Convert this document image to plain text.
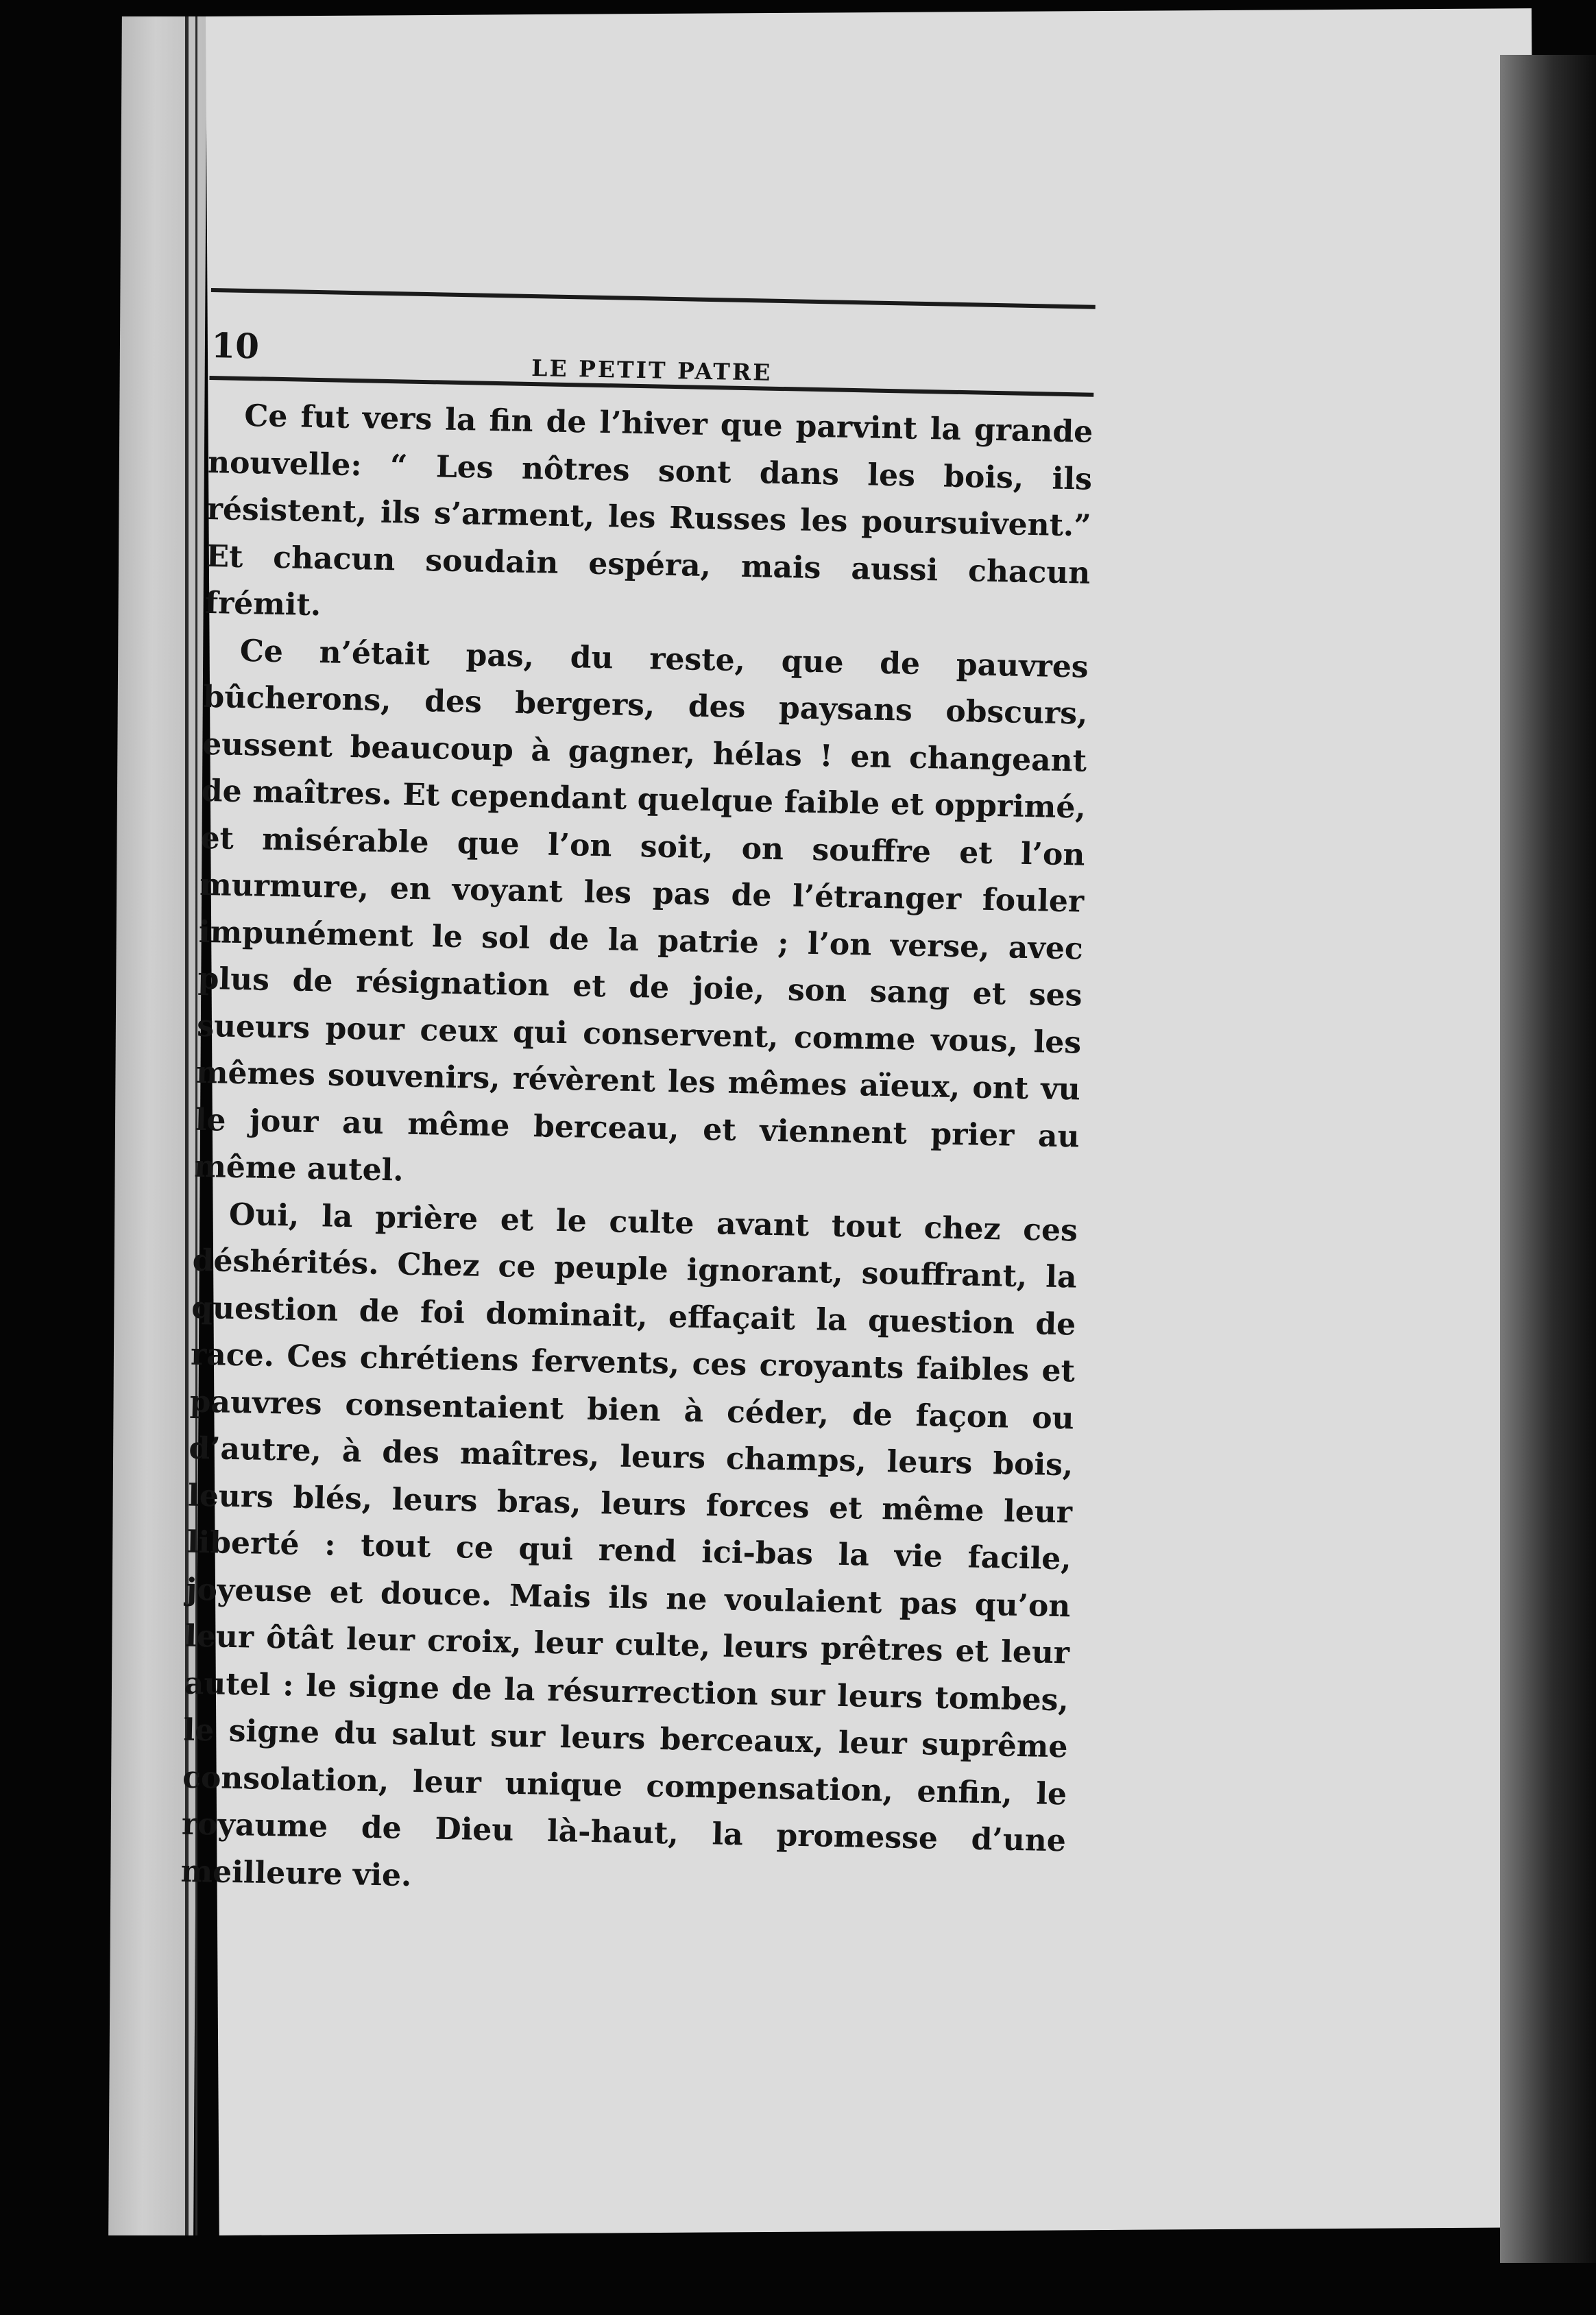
10
LE PETIT PATRE

Ce fut vers la fin de l’hiver que parvint la grande nouvelle: “ Les nôtres sont dans les bois, ils résistent, ils s’arment, les Russes les poursuivent.” Et chacun soudain espéra, mais aussi chacun frémit.

Ce n’était pas, du reste, que de pauvres bûcherons, des bergers, des paysans obscurs, eussent beaucoup à gagner, hélas ! en changeant de maîtres. Et cependant quelque faible et opprimé, et misérable que l’on soit, on souffre et l’on murmure, en voyant les pas de l’étranger fouler impunément le sol de la patrie ; l’on verse, avec plus de résignation et de joie, son sang et ses sueurs pour ceux qui conservent, comme vous, les mêmes souvenirs, révèrent les mêmes aïeux, ont vu le jour au même berceau, et viennent prier au même autel.

Oui, la prière et le culte avant tout chez ces déshérités. Chez ce peuple ignorant, souffrant, la question de foi dominait, effaçait la question de race. Ces chrétiens fervents, ces croyants faibles et pauvres consentaient bien à céder, de façon ou d’autre, à des maîtres, leurs champs, leurs bois, leurs blés, leurs bras, leurs forces et même leur liberté : tout ce qui rend ici-bas la vie facile, joyeuse et douce. Mais ils ne voulaient pas qu’on leur ôtât leur croix, leur culte, leurs prêtres et leur autel : le signe de la résurrection sur leurs tombes, le signe du salut sur leurs berceaux, leur suprême consolation, leur unique compensation, enfin, le royaume de Dieu là-haut, la promesse d’une meilleure vie.
